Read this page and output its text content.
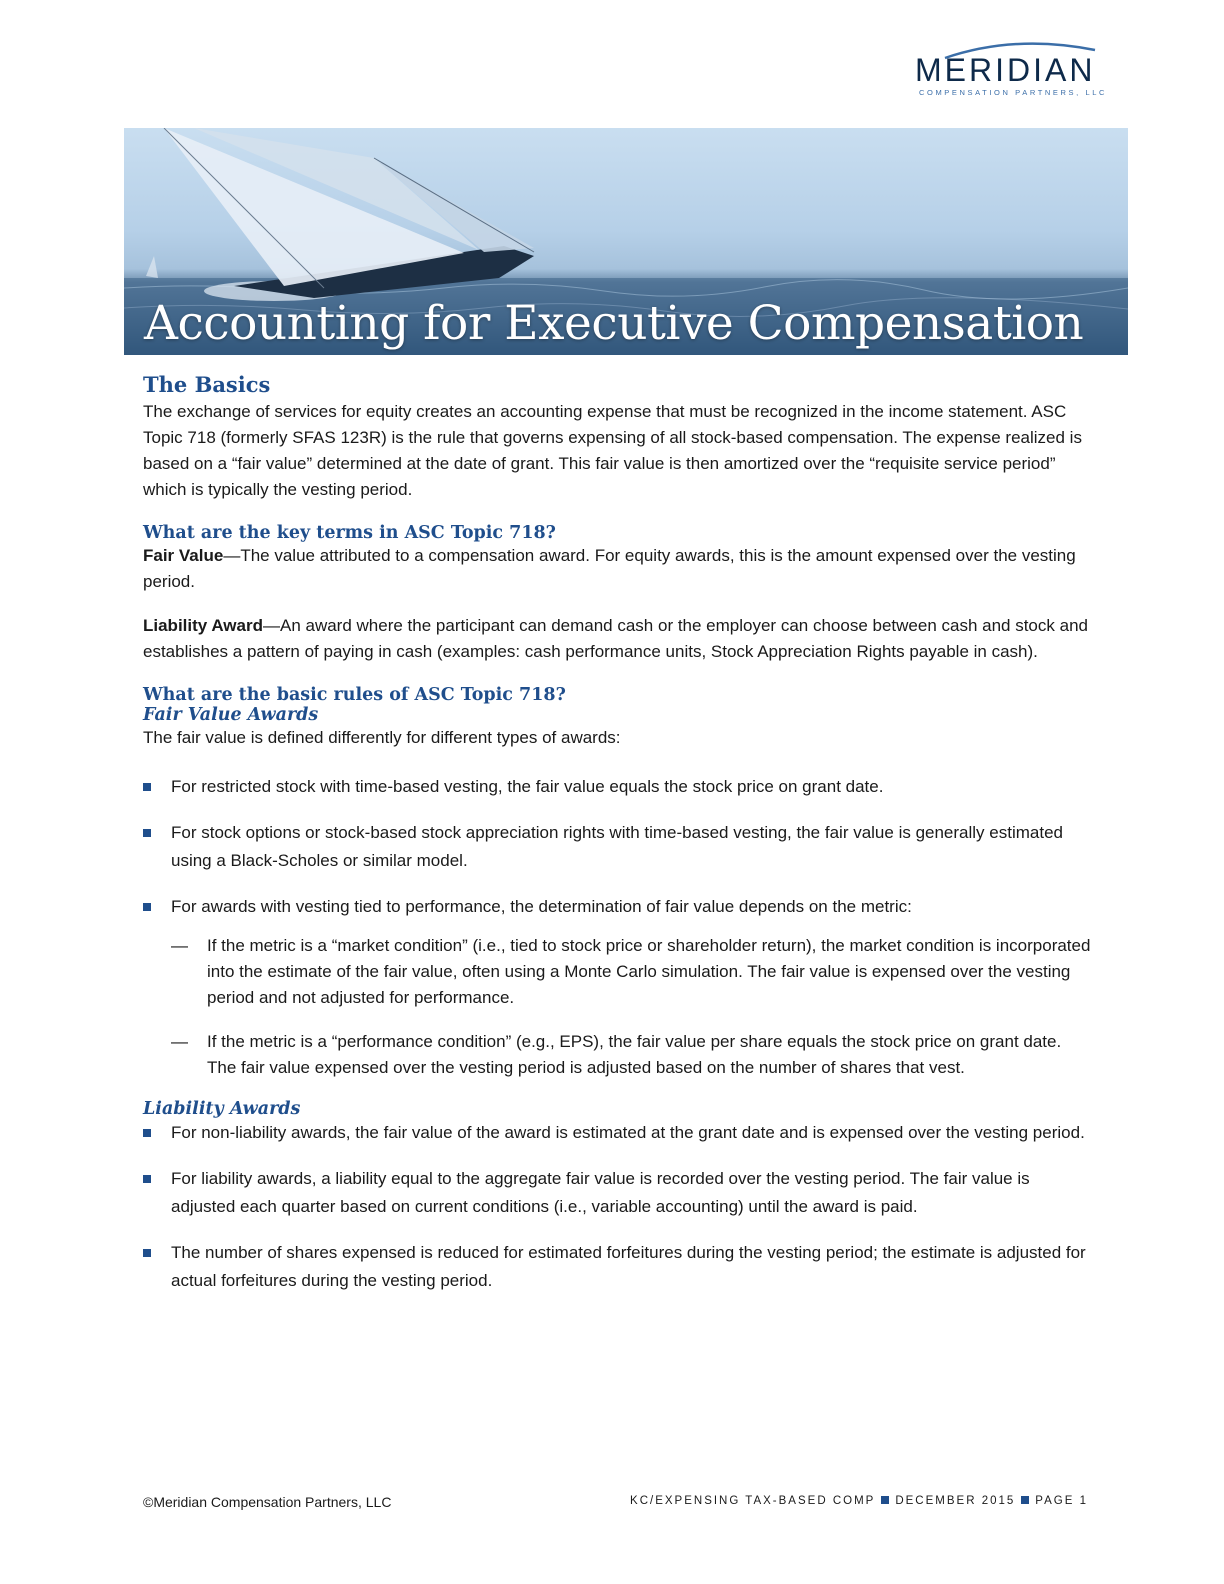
MERIDIAN
COMPENSATION PARTNERS, LLC
Accounting for Executive Compensation
The Basics

The exchange of services for equity creates an accounting expense that must be recognized in the income statement. ASC Topic 718 (formerly SFAS 123R) is the rule that governs expensing of all stock-based compensation. The expense realized is based on a “fair value” determined at the date of grant. This fair value is then amortized over the “requisite service period” which is typically the vesting period.

What are the key terms in ASC Topic 718?

Fair Value—The value attributed to a compensation award. For equity awards, this is the amount expensed over the vesting period.

Liability Award—An award where the participant can demand cash or the employer can choose between cash and stock and establishes a pattern of paying in cash (examples: cash performance units, Stock Appreciation Rights payable in cash).

What are the basic rules of ASC Topic 718?
Fair Value Awards

The fair value is defined differently for different types of awards:

For restricted stock with time-based vesting, the fair value equals the stock price on grant date.
For stock options or stock-based stock appreciation rights with time-based vesting, the fair value is generally estimated using a Black-Scholes or similar model.
For awards with vesting tied to performance, the determination of fair value depends on the metric:
— If the metric is a “market condition” (i.e., tied to stock price or shareholder return), the market condition is incorporated into the estimate of the fair value, often using a Monte Carlo simulation. The fair value is expensed over the vesting period and not adjusted for performance.
— If the metric is a “performance condition” (e.g., EPS), the fair value per share equals the stock price on grant date. The fair value expensed over the vesting period is adjusted based on the number of shares that vest.
Liability Awards
For non-liability awards, the fair value of the award is estimated at the grant date and is expensed over the vesting period.
For liability awards, a liability equal to the aggregate fair value is recorded over the vesting period. The fair value is adjusted each quarter based on current conditions (i.e., variable accounting) until the award is paid.
The number of shares expensed is reduced for estimated forfeitures during the vesting period; the estimate is adjusted for actual forfeitures during the vesting period.
©Meridian Compensation Partners, LLC	KC/EXPENSING TAX-BASED COMP DECEMBER 2015 PAGE 1
